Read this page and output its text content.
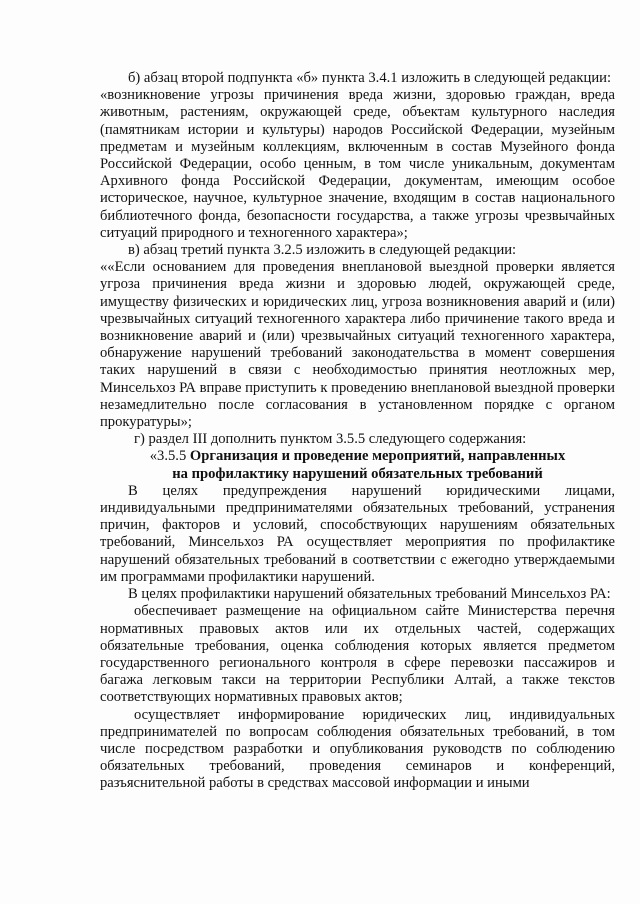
б) абзац второй подпункта «б» пункта 3.4.1 изложить в следующей редакции:

«возникновение угрозы причинения вреда жизни, здоровью граждан, вреда животным, растениям, окружающей среде, объектам культурного наследия (памятникам истории и культуры) народов Российской Федерации, музейным предметам и музейным коллекциям, включенным в состав Музейного фонда Российской Федерации, особо ценным, в том числе уникальным, документам Архивного фонда Российской Федерации, документам, имеющим особое историческое, научное, культурное значение, входящим в состав национального библиотечного фонда, безопасности государства, а также угрозы чрезвычайных ситуаций природного и техногенного характера»;

в) абзац третий пункта 3.2.5 изложить в следующей редакции:

««Если основанием для проведения внеплановой выездной проверки является угроза причинения вреда жизни и здоровью людей, окружающей среде, имуществу физических и юридических лиц, угроза возникновения аварий и (или) чрезвычайных ситуаций техногенного характера либо причинение такого вреда и возникновение аварий и (или) чрезвычайных ситуаций техногенного характера, обнаружение нарушений требований законодательства в момент совершения таких нарушений в связи с необходимостью принятия неотложных мер, Минсельхоз РА вправе приступить к проведению внеплановой выездной проверки незамедлительно после согласования в установленном порядке с органом прокуратуры»;

г) раздел III дополнить пунктом 3.5.5 следующего содержания:

«3.5.5 Организация и проведение мероприятий, направленных
на профилактику нарушений обязательных требований

В целях предупреждения нарушений юридическими лицами, индивидуальными предпринимателями обязательных требований, устранения причин, факторов и условий, способствующих нарушениям обязательных требований, Минсельхоз РА осуществляет мероприятия по профилактике нарушений обязательных требований в соответствии с ежегодно утверждаемыми им программами профилактики нарушений.

В целях профилактики нарушений обязательных требований Минсельхоз РА:

обеспечивает размещение на официальном сайте Министерства перечня нормативных правовых актов или их отдельных частей, содержащих обязательные требования, оценка соблюдения которых является предметом государственного регионального контроля в сфере перевозки пассажиров и багажа легковым такси на территории Республики Алтай, а также текстов соответствующих нормативных правовых актов;

осуществляет информирование юридических лиц, индивидуальных предпринимателей по вопросам соблюдения обязательных требований, в том числе посредством разработки и опубликования руководств по соблюдению обязательных требований, проведения семинаров и конференций, разъяснительной работы в средствах массовой информации и иными
